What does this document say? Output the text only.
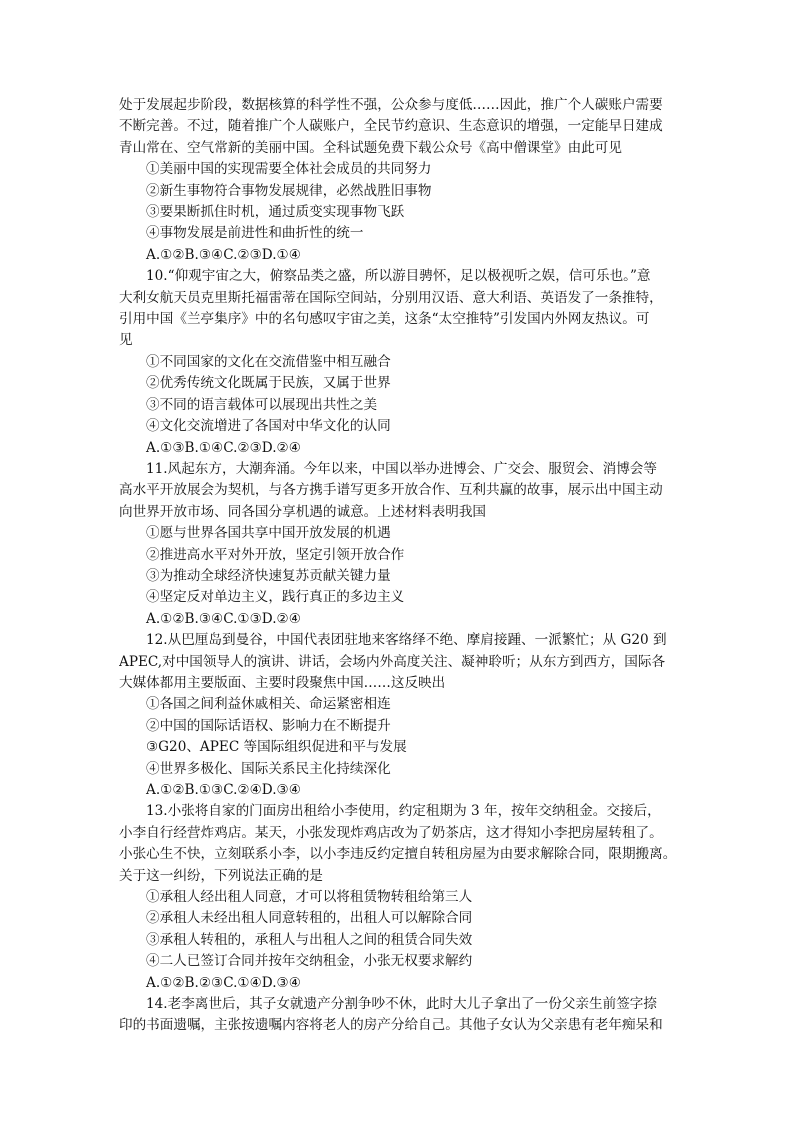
处于发展起步阶段，数据核算的科学性不强，公众参与度低……因此，推广个人碳账户需要
不断完善。不过，随着推广个人碳账户，全民节约意识、生态意识的增强，一定能早日建成
青山常在、空气常新的美丽中国。全科试题免费下载公众号《高中僧课堂》由此可见
①美丽中国的实现需要全体社会成员的共同努力
②新生事物符合事物发展规律，必然战胜旧事物
③要果断抓住时机，通过质变实现事物飞跃
④事物发展是前进性和曲折性的统一
A.①②B.③④C.②③D.①④
10.“仰观宇宙之大，俯察品类之盛，所以游目骋怀，足以极视听之娱，信可乐也。”意
大利女航天员克里斯托福雷蒂在国际空间站，分别用汉语、意大利语、英语发了一条推特，
引用中国《兰亭集序》中的名句感叹宇宙之美，这条“太空推特”引发国内外网友热议。可
见
①不同国家的文化在交流借鉴中相互融合
②优秀传统文化既属于民族，又属于世界
③不同的语言载体可以展现出共性之美
④文化交流增进了各国对中华文化的认同
A.①③B.①④C.②③D.②④
11.风起东方，大潮奔涌。今年以来，中国以举办进博会、广交会、服贸会、消博会等
高水平开放展会为契机，与各方携手谱写更多开放合作、互利共赢的故事，展示出中国主动
向世界开放市场、同各国分享机遇的诚意。上述材料表明我国
①愿与世界各国共享中国开放发展的机遇
②推进高水平对外开放，坚定引领开放合作
③为推动全球经济快速复苏贡献关键力量
④坚定反对单边主义，践行真正的多边主义
A.①②B.③④C.①③D.②④
12.从巴厘岛到曼谷，中国代表团驻地来客络绎不绝、摩肩接踵、一派繁忙；从 G20 到
APEC,对中国领导人的演讲、讲话，会场内外高度关注、凝神聆听；从东方到西方，国际各
大媒体都用主要版面、主要时段聚焦中国……这反映出
①各国之间利益休戚相关、命运紧密相连
②中国的国际话语权、影响力在不断提升
③G20、APEC 等国际组织促进和平与发展
④世界多极化、国际关系民主化持续深化
A.①②B.①③C.②④D.③④
13.小张将自家的门面房出租给小李使用，约定租期为 3 年，按年交纳租金。交接后，
小李自行经营炸鸡店。某天，小张发现炸鸡店改为了奶茶店，这才得知小李把房屋转租了。
小张心生不快，立刻联系小李，以小李违反约定擅自转租房屋为由要求解除合同，限期搬离。
关于这一纠纷，下列说法正确的是
①承租人经出租人同意，才可以将租赁物转租给第三人
②承租人未经出租人同意转租的，出租人可以解除合同
③承租人转租的，承租人与出租人之间的租赁合同失效
④二人已签订合同并按年交纳租金，小张无权要求解约
A.①②B.②③C.①④D.③④
14.老李离世后，其子女就遗产分割争吵不休，此时大儿子拿出了一份父亲生前签字捺
印的书面遗嘱，主张按遗嘱内容将老人的房产分给自己。其他子女认为父亲患有老年痴呆和
